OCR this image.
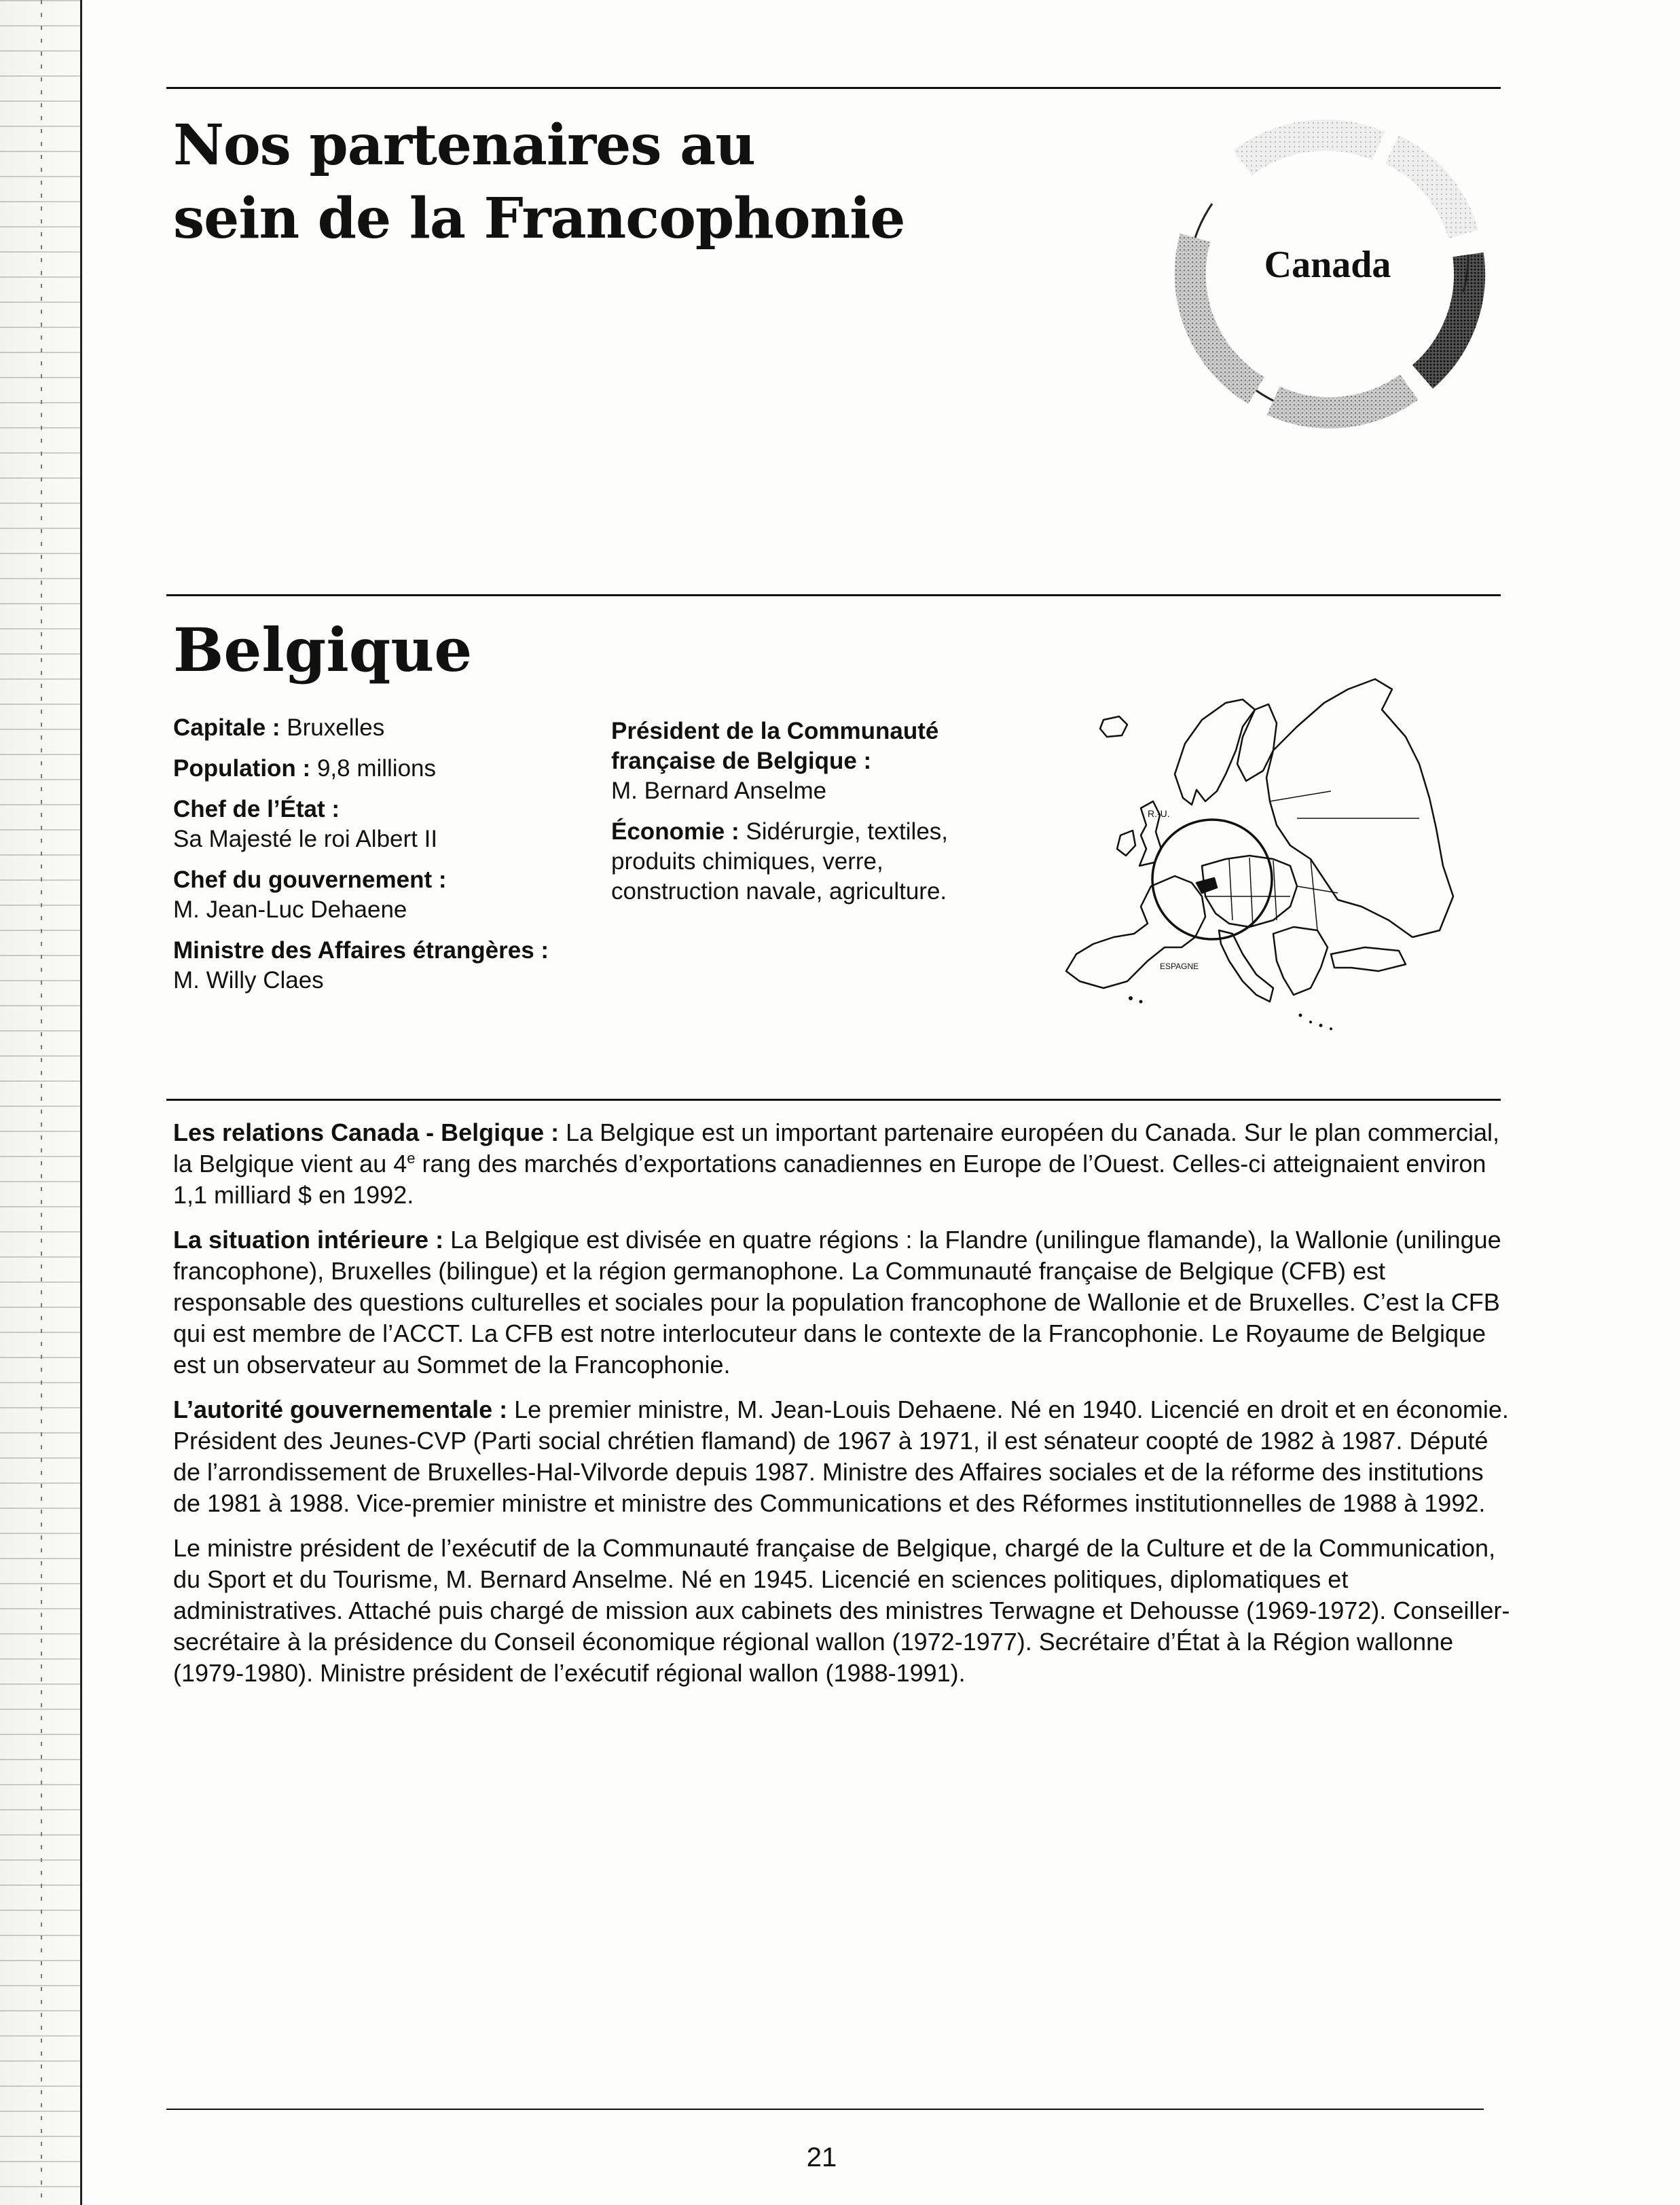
Nos partenaires au
sein de la Francophonie
Canada
Belgique
Capitale : Bruxelles
Population : 9,8 millions
Chef de l’État :
Sa Majesté le roi Albert II
Chef du gouvernement :
M. Jean-Luc Dehaene
Ministre des Affaires étrangères :
M. Willy Claes
Président de la Communauté française de Belgique :
M. Bernard Anselme
Économie : Sidérurgie, textiles, produits chimiques, verre, construction navale, agriculture.
R.-U.
ESPAGNE

Les relations Canada - Belgique : La Belgique est un important partenaire européen du Canada. Sur le plan commercial, la Belgique vient au 4e rang des marchés d’exportations canadiennes en Europe de l’Ouest. Celles-ci atteignaient environ 1,1 milliard $ en 1992.

La situation intérieure : La Belgique est divisée en quatre régions : la Flandre (unilingue flamande), la Wallonie (unilingue francophone), Bruxelles (bilingue) et la région germanophone. La Communauté française de Belgique (CFB) est responsable des questions culturelles et sociales pour la population francophone de Wallonie et de Bruxelles. C’est la CFB qui est membre de l’ACCT. La CFB est notre interlocuteur dans le contexte de la Francophonie. Le Royaume de Belgique est un observateur au Sommet de la Francophonie.

L’autorité gouvernementale : Le premier ministre, M. Jean-Louis Dehaene. Né en 1940. Licencié en droit et en économie. Président des Jeunes-CVP (Parti social chrétien flamand) de 1967 à 1971, il est sénateur coopté de 1982 à 1987. Député de l’arrondissement de Bruxelles-Hal-Vilvorde depuis 1987. Ministre des Affaires sociales et de la réforme des institutions de 1981 à 1988. Vice-premier ministre et ministre des Communications et des Réformes institutionnelles de 1988 à 1992.

Le ministre président de l’exécutif de la Communauté française de Belgique, chargé de la Culture et de la Communication, du Sport et du Tourisme, M. Bernard Anselme. Né en 1945. Licencié en sciences politiques, diplomatiques et administratives. Attaché puis chargé de mission aux cabinets des ministres Terwagne et Dehousse (1969-1972). Conseiller-secrétaire à la présidence du Conseil économique régional wallon (1972-1977). Secrétaire d’État à la Région wallonne (1979-1980). Ministre président de l’exécutif régional wallon (1988-1991).

21
